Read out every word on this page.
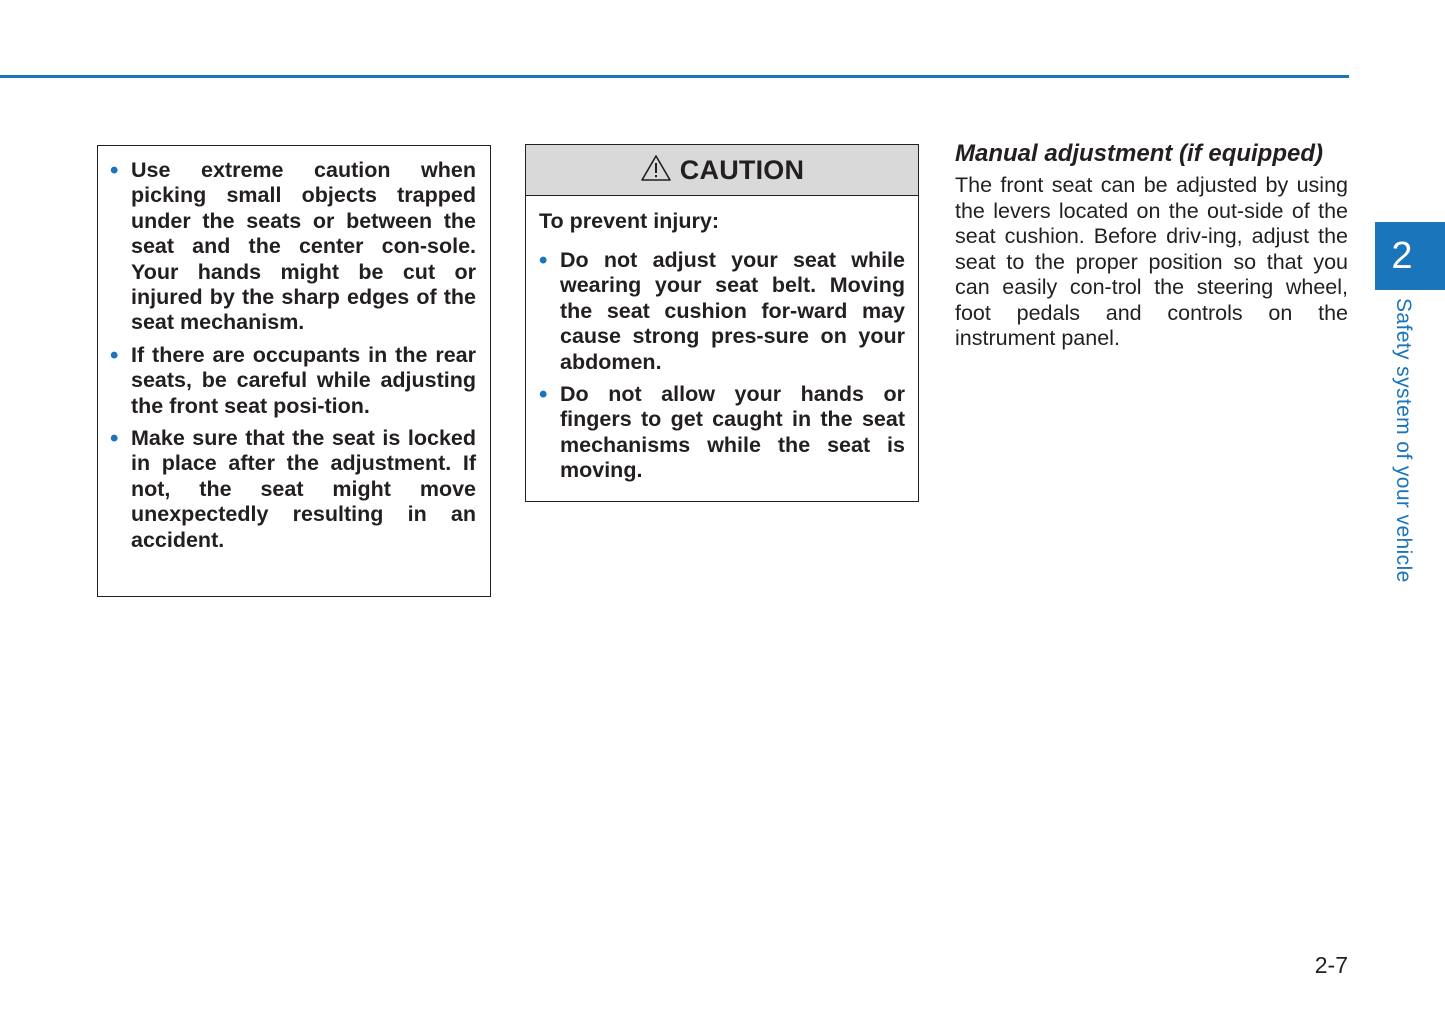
• Use extreme caution when picking small objects trapped under the seats or between the seat and the center con-sole. Your hands might be cut or injured by the sharp edges of the seat mechanism.
• If there are occupants in the rear seats, be careful while adjusting the front seat posi-tion.
• Make sure that the seat is locked in place after the adjustment. If not, the seat might move unexpectedly resulting in an accident.
CAUTION

To prevent injury:

• Do not adjust your seat while wearing your seat belt. Moving the seat cushion for-ward may cause strong pres-sure on your abdomen.
• Do not allow your hands or fingers to get caught in the seat mechanisms while the seat is moving.
Manual adjustment (if equipped)

The front seat can be adjusted by using the levers located on the out-side of the seat cushion. Before driv-ing, adjust the seat to the proper position so that you can easily con-trol the steering wheel, foot pedals and controls on the instrument panel.

2
Safety system of your vehicle
2-7
